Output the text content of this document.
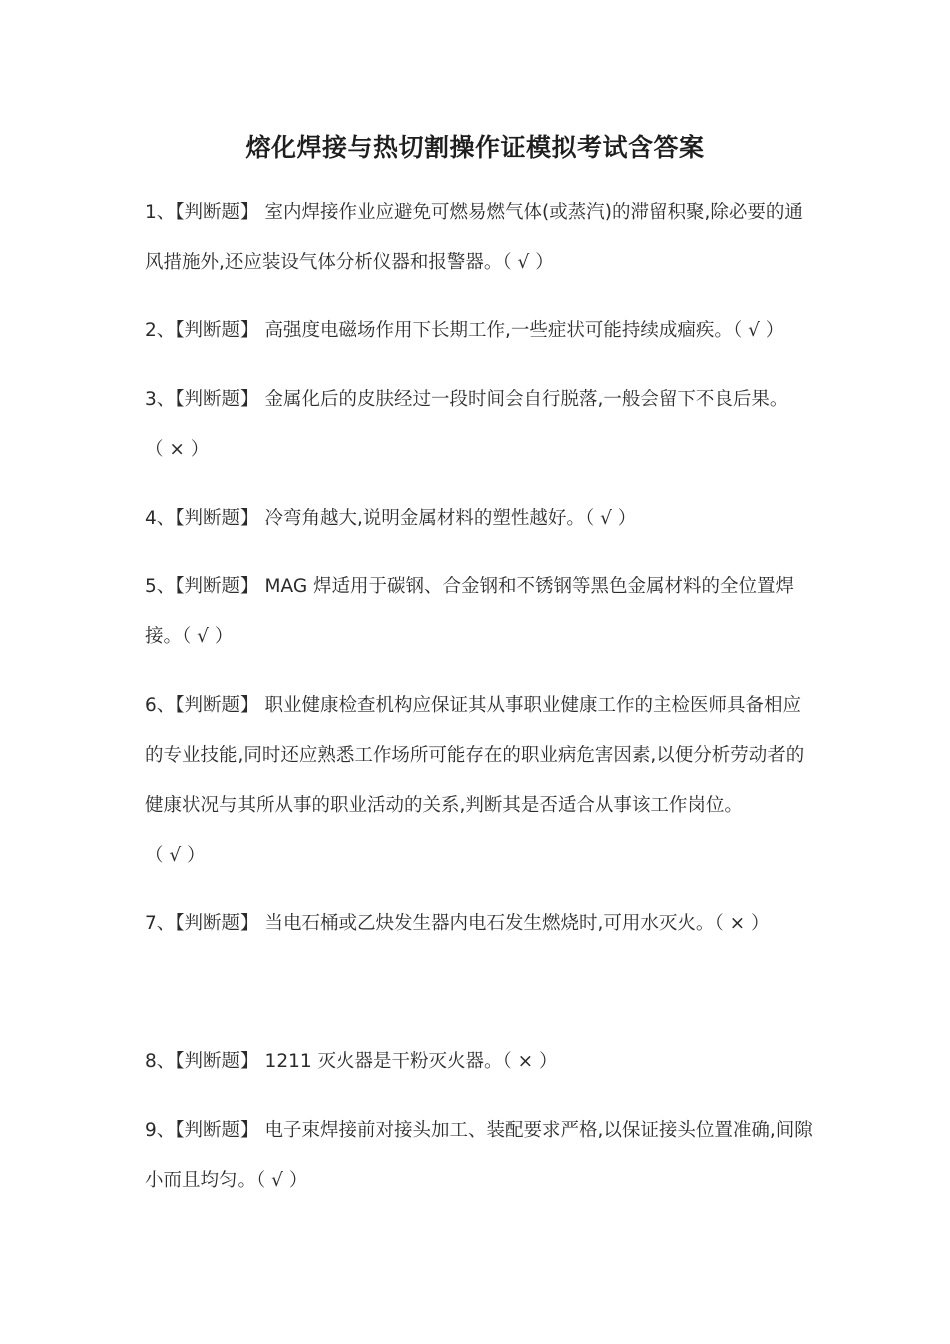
熔化焊接与热切割操作证模拟考试含答案

1、【判断题】 室内焊接作业应避免可燃易燃气体(或蒸汽)的滞留积聚,除必要的通风措施外,还应装设气体分析仪器和报警器。（ √ ）

2、【判断题】 高强度电磁场作用下长期工作,一些症状可能持续成痼疾。（ √ ）

3、【判断题】 金属化后的皮肤经过一段时间会自行脱落,一般会留下不良后果。
（ × ）

4、【判断题】 冷弯角越大,说明金属材料的塑性越好。（ √ ）

5、【判断题】 MAG 焊适用于碳钢、合金钢和不锈钢等黑色金属材料的全位置焊接。（ √ ）

6、【判断题】 职业健康检查机构应保证其从事职业健康工作的主检医师具备相应的专业技能,同时还应熟悉工作场所可能存在的职业病危害因素,以便分析劳动者的健康状况与其所从事的职业活动的关系,判断其是否适合从事该工作岗位。
（ √ ）

7、【判断题】 当电石桶或乙炔发生器内电石发生燃烧时,可用水灭火。（ × ）

8、【判断题】 1211 灭火器是干粉灭火器。（ × ）

9、【判断题】 电子束焊接前对接头加工、装配要求严格,以保证接头位置准确,间隙小而且均匀。（ √ ）
